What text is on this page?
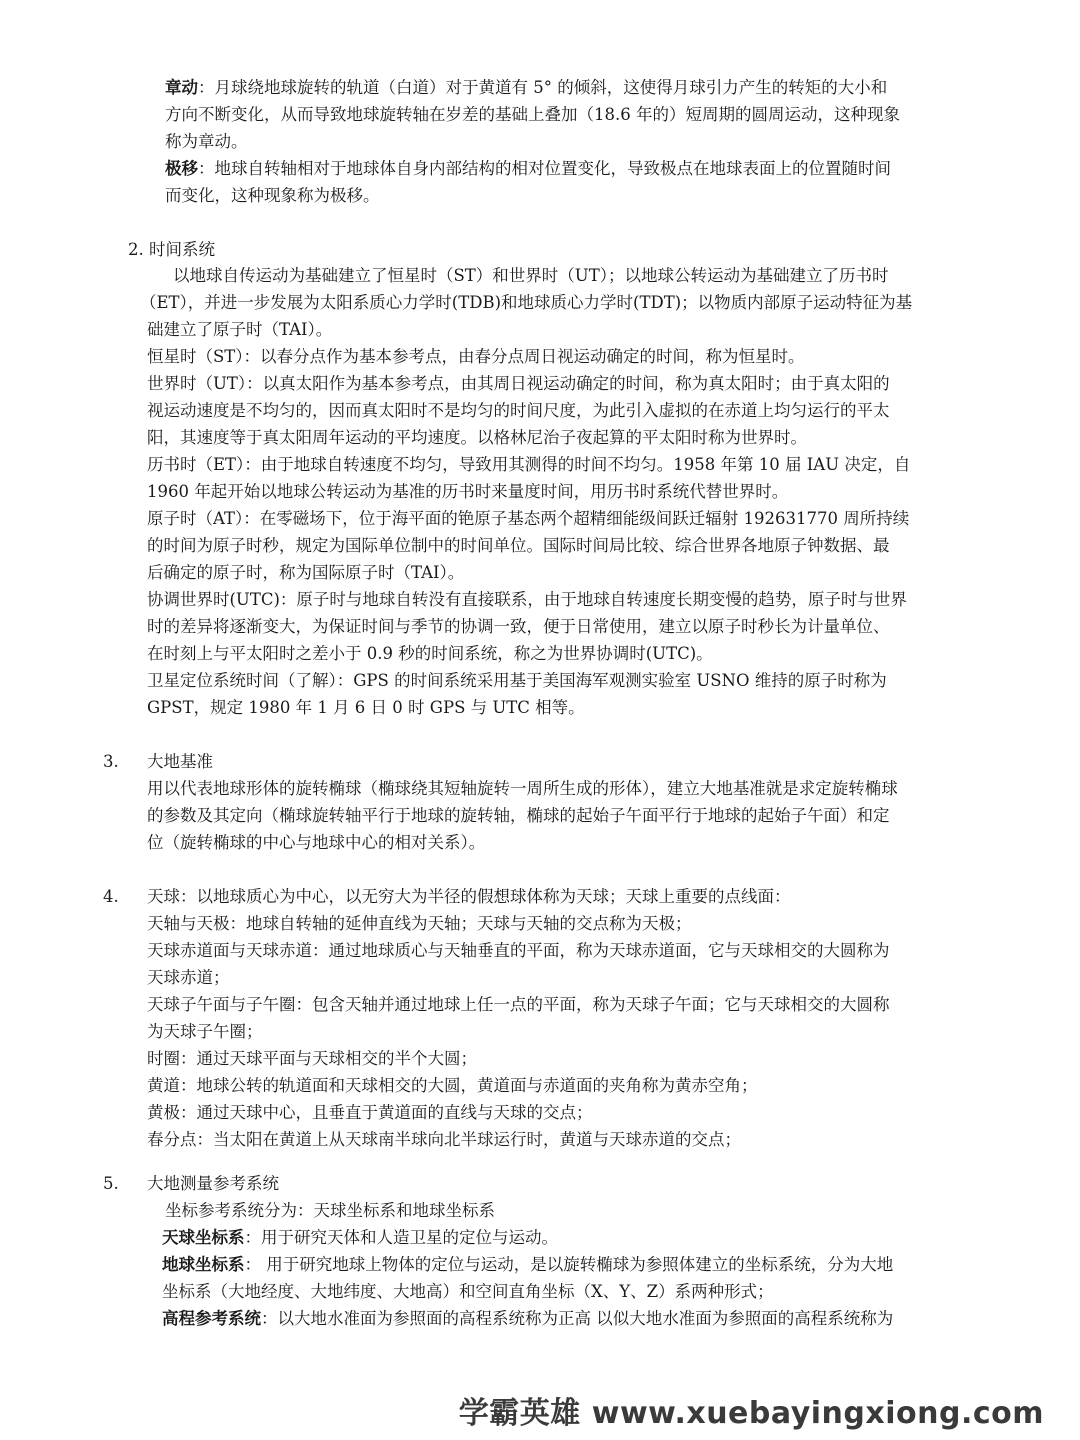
章动：月球绕地球旋转的轨道（白道）对于黄道有 5° 的倾斜，这使得月球引力产生的转矩的大小和
方向不断变化，从而导致地球旋转轴在岁差的基础上叠加（18.6 年的）短周期的圆周运动，这种现象
称为章动。
极移：地球自转轴相对于地球体自身内部结构的相对位置变化，导致极点在地球表面上的位置随时间
而变化，这种现象称为极移。
2. 时间系统
以地球自传运动为基础建立了恒星时（ST）和世界时（UT）；以地球公转运动为基础建立了历书时
（ET），并进一步发展为太阳系质心力学时(TDB)和地球质心力学时(TDT)；以物质内部原子运动特征为基
础建立了原子时（TAI）。
恒星时（ST）：以春分点作为基本参考点，由春分点周日视运动确定的时间，称为恒星时。
世界时（UT）：以真太阳作为基本参考点，由其周日视运动确定的时间，称为真太阳时；由于真太阳的
视运动速度是不均匀的，因而真太阳时不是均匀的时间尺度，为此引入虚拟的在赤道上均匀运行的平太
阳，其速度等于真太阳周年运动的平均速度。以格林尼治子夜起算的平太阳时称为世界时。
历书时（ET）：由于地球自转速度不均匀，导致用其测得的时间不均匀。1958 年第 10 届 IAU 决定，自
1960 年起开始以地球公转运动为基准的历书时来量度时间，用历书时系统代替世界时。
原子时（AT）：在零磁场下，位于海平面的铯原子基态两个超精细能级间跃迁辐射 192631770 周所持续
的时间为原子时秒，规定为国际单位制中的时间单位。国际时间局比较、综合世界各地原子钟数据、最
后确定的原子时，称为国际原子时（TAI）。
协调世界时(UTC)：原子时与地球自转没有直接联系，由于地球自转速度长期变慢的趋势，原子时与世界
时的差异将逐渐变大，为保证时间与季节的协调一致，便于日常使用，建立以原子时秒长为计量单位、
在时刻上与平太阳时之差小于 0.9 秒的时间系统，称之为世界协调时(UTC)。
卫星定位系统时间（了解）：GPS 的时间系统采用基于美国海军观测实验室 USNO 维持的原子时称为
GPST，规定 1980 年 1 月 6 日 0 时 GPS 与 UTC 相等。
3. 大地基准
用以代表地球形体的旋转椭球（椭球绕其短轴旋转一周所生成的形体），建立大地基准就是求定旋转椭球
的参数及其定向（椭球旋转轴平行于地球的旋转轴，椭球的起始子午面平行于地球的起始子午面）和定
位（旋转椭球的中心与地球中心的相对关系）。
4. 天球：以地球质心为中心，以无穷大为半径的假想球体称为天球；天球上重要的点线面：
天轴与天极：地球自转轴的延伸直线为天轴；天球与天轴的交点称为天极；
天球赤道面与天球赤道：通过地球质心与天轴垂直的平面，称为天球赤道面，它与天球相交的大圆称为
天球赤道；
天球子午面与子午圈：包含天轴并通过地球上任一点的平面，称为天球子午面；它与天球相交的大圆称
为天球子午圈；
时圈：通过天球平面与天球相交的半个大圆；
黄道：地球公转的轨道面和天球相交的大圆，黄道面与赤道面的夹角称为黄赤空角；
黄极：通过天球中心，且垂直于黄道面的直线与天球的交点；
春分点：当太阳在黄道上从天球南半球向北半球运行时，黄道与天球赤道的交点；
5. 大地测量参考系统
坐标参考系统分为：天球坐标系和地球坐标系
天球坐标系：用于研究天体和人造卫星的定位与运动。
地球坐标系： 用于研究地球上物体的定位与运动，是以旋转椭球为参照体建立的坐标系统，分为大地
坐标系（大地经度、大地纬度、大地高）和空间直角坐标（X、Y、Z）系两种形式；
高程参考系统：以大地水准面为参照面的高程系统称为正高 以似大地水准面为参照面的高程系统称为
学霸英雄 www.xuebayingxiong.com
